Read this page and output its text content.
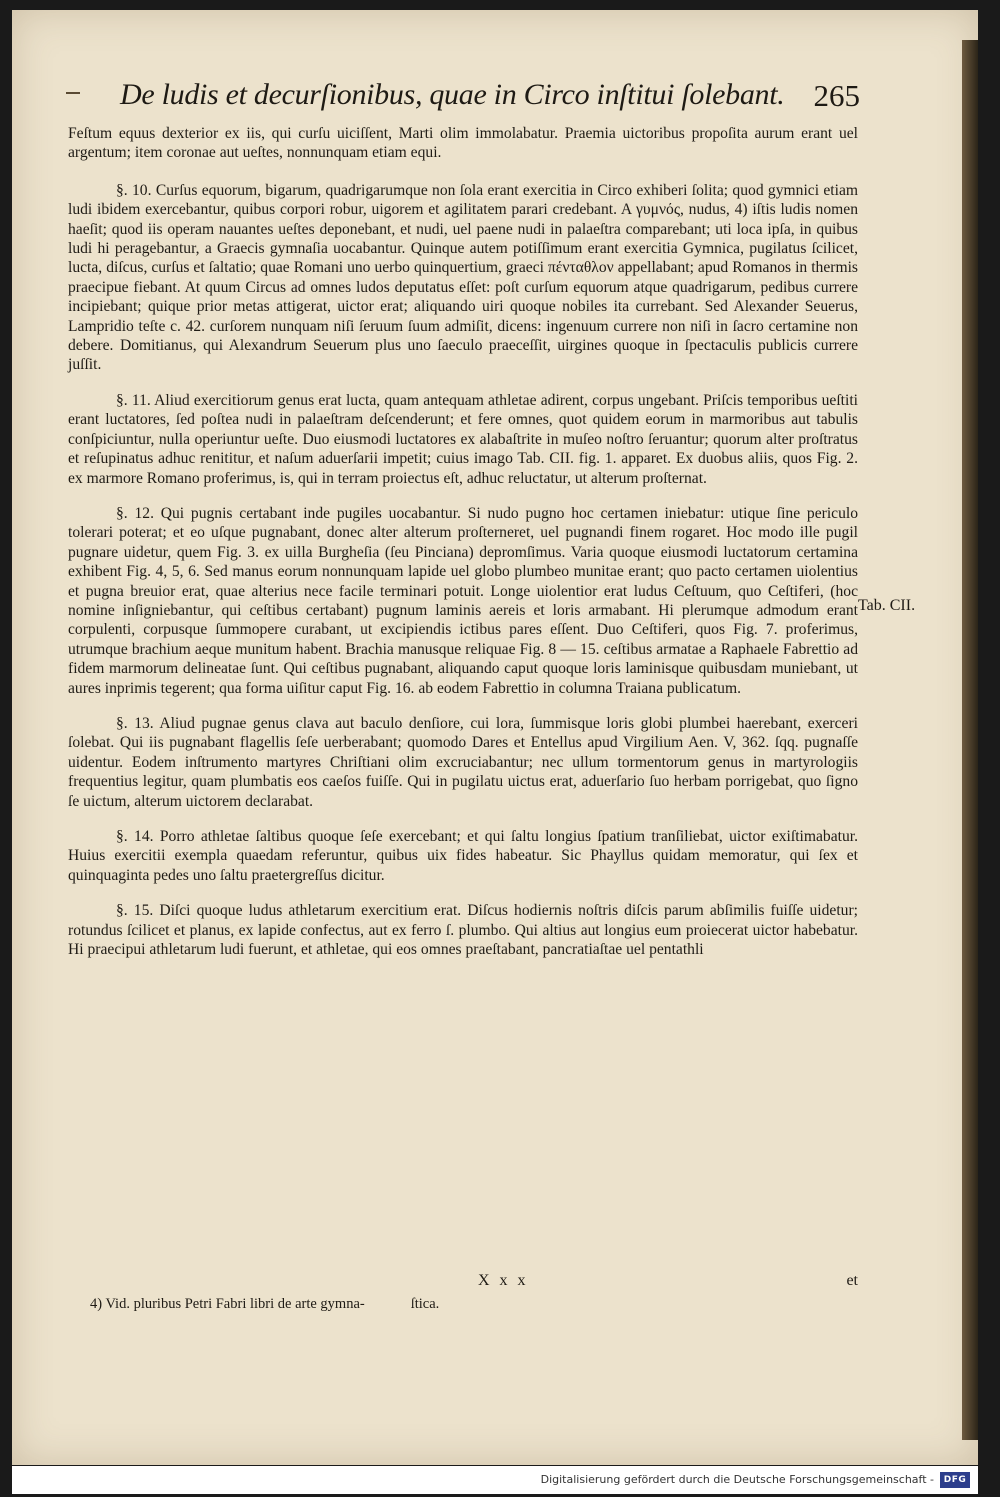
De ludis et decurſionibus, quae in Circo inſtitui ſolebant. 265

Feſtum equus dexterior ex iis, qui curſu uiciſſent, Marti olim immolabatur. Praemia uictoribus propoſita aurum erant uel argentum; item coronae aut ueſtes, nonnunquam etiam equi.

§. 10. Curſus equorum, bigarum, quadrigarumque non ſola erant exercitia in Circo exhiberi ſolita; quod gymnici etiam ludi ibidem exercebantur, quibus corpori robur, uigorem et agilitatem parari credebant. A γυμνός, nudus, 4) iſtis ludis nomen haeſit; quod iis operam nauantes ueſtes deponebant, et nudi, uel paene nudi in palaeſtra comparebant; uti loca ipſa, in quibus ludi hi peragebantur, a Graecis gymnaſia uocabantur. Quinque autem potiſſimum erant exercitia Gymnica, pugilatus ſcilicet, lucta, diſcus, curſus et ſaltatio; quae Romani uno uerbo quinquertium, graeci πένταθλον appellabant; apud Romanos in thermis praecipue fiebant. At quum Circus ad omnes ludos deputatus eſſet: poſt curſum equorum atque quadrigarum, pedibus currere incipiebant; quique prior metas attigerat, uictor erat; aliquando uiri quoque nobiles ita currebant. Sed Alexander Seuerus, Lampridio teſte c. 42. curſorem nunquam niſi ſeruum ſuum admiſit, dicens: ingenuum currere non niſi in ſacro certamine non debere. Domitianus, qui Alexandrum Seuerum plus uno ſaeculo praeceſſit, uirgines quoque in ſpectaculis publicis currere juſſit.

§. 11. Aliud exercitiorum genus erat lucta, quam antequam athletae adirent, corpus ungebant. Priſcis temporibus ueſtiti erant luctatores, ſed poſtea nudi in palaeſtram deſcenderunt; et fere omnes, quot quidem eorum in marmoribus aut tabulis conſpiciuntur, nulla operiuntur ueſte. Duo eiusmodi luctatores ex alabaſtrite in muſeo noſtro ſeruantur; quorum alter proſtratus et reſupinatus adhuc renititur, et naſum aduerſarii impetit; cuius imago Tab. CII. fig. 1. apparet. Ex duobus aliis, quos Fig. 2. ex marmore Romano proferimus, is, qui in terram proiectus eſt, adhuc reluctatur, ut alterum proſternat.

§. 12. Qui pugnis certabant inde pugiles uocabantur. Si nudo pugno hoc certamen iniebatur: utique ſine periculo tolerari poterat; et eo uſque pugnabant, donec alter alterum proſterneret, uel pugnandi finem rogaret. Hoc modo ille pugil pugnare uidetur, quem Fig. 3. ex uilla Burgheſia (ſeu Pinciana) depromſimus. Varia quoque eiusmodi luctatorum certamina exhibent Fig. 4, 5, 6. Sed manus eorum nonnunquam lapide uel globo plumbeo munitae erant; quo pacto certamen uiolentius et pugna breuior erat, quae alterius nece facile terminari potuit. Longe uiolentior erat ludus Ceſtuum, quo Ceſtiferi, (hoc nomine inſigniebantur, qui ceſtibus certabant) pugnum laminis aereis et loris armabant. Hi plerumque admodum erant corpulenti, corpusque ſummopere curabant, ut excipiendis ictibus pares eſſent. Duo Ceſtiferi, quos Fig. 7. proferimus, utrumque brachium aeque munitum habent. Brachia manusque reliquae Fig. 8 — 15. ceſtibus armatae a Raphaele Fabrettio ad fidem marmorum delineatae ſunt. Qui ceſtibus pugnabant, aliquando caput quoque loris laminisque quibusdam muniebant, ut aures inprimis tegerent; qua forma uiſitur caput Fig. 16. ab eodem Fabrettio in columna Traiana publicatum.

§. 13. Aliud pugnae genus clava aut baculo denſiore, cui lora, ſummisque loris globi plumbei haerebant, exerceri ſolebat. Qui iis pugnabant flagellis ſeſe uerberabant; quomodo Dares et Entellus apud Virgilium Aen. V, 362. ſqq. pugnaſſe uidentur. Eodem inſtrumento martyres Chriſtiani olim excruciabantur; nec ullum tormentorum genus in martyrologiis frequentius legitur, quam plumbatis eos caeſos fuiſſe. Qui in pugilatu uictus erat, aduerſario ſuo herbam porrigebat, quo ſigno ſe uictum, alterum uictorem declarabat.

§. 14. Porro athletae ſaltibus quoque ſeſe exercebant; et qui ſaltu longius ſpatium tranſiliebat, uictor exiſtimabatur. Huius exercitii exempla quaedam referuntur, quibus uix fides habeatur. Sic Phayllus quidam memoratur, qui ſex et quinquaginta pedes uno ſaltu praetergreſſus dicitur.

§. 15. Diſci quoque ludus athletarum exercitium erat. Diſcus hodiernis noſtris diſcis parum abſimilis fuiſſe uidetur; rotundus ſcilicet et planus, ex lapide confectus, aut ex ferro ſ. plumbo. Qui altius aut longius eum proiecerat uictor habebatur. Hi praecipui athletarum ludi fuerunt, et athletae, qui eos omnes praeſtabant, pancratiaſtae uel pentathli

Tab. CII.
X x x	et
4) Vid. pluribus Petri Fabri libri de arte gymna-	ſtica.
Digitalisierung gefördert durch die Deutsche Forschungsgemeinschaft -	DFG
